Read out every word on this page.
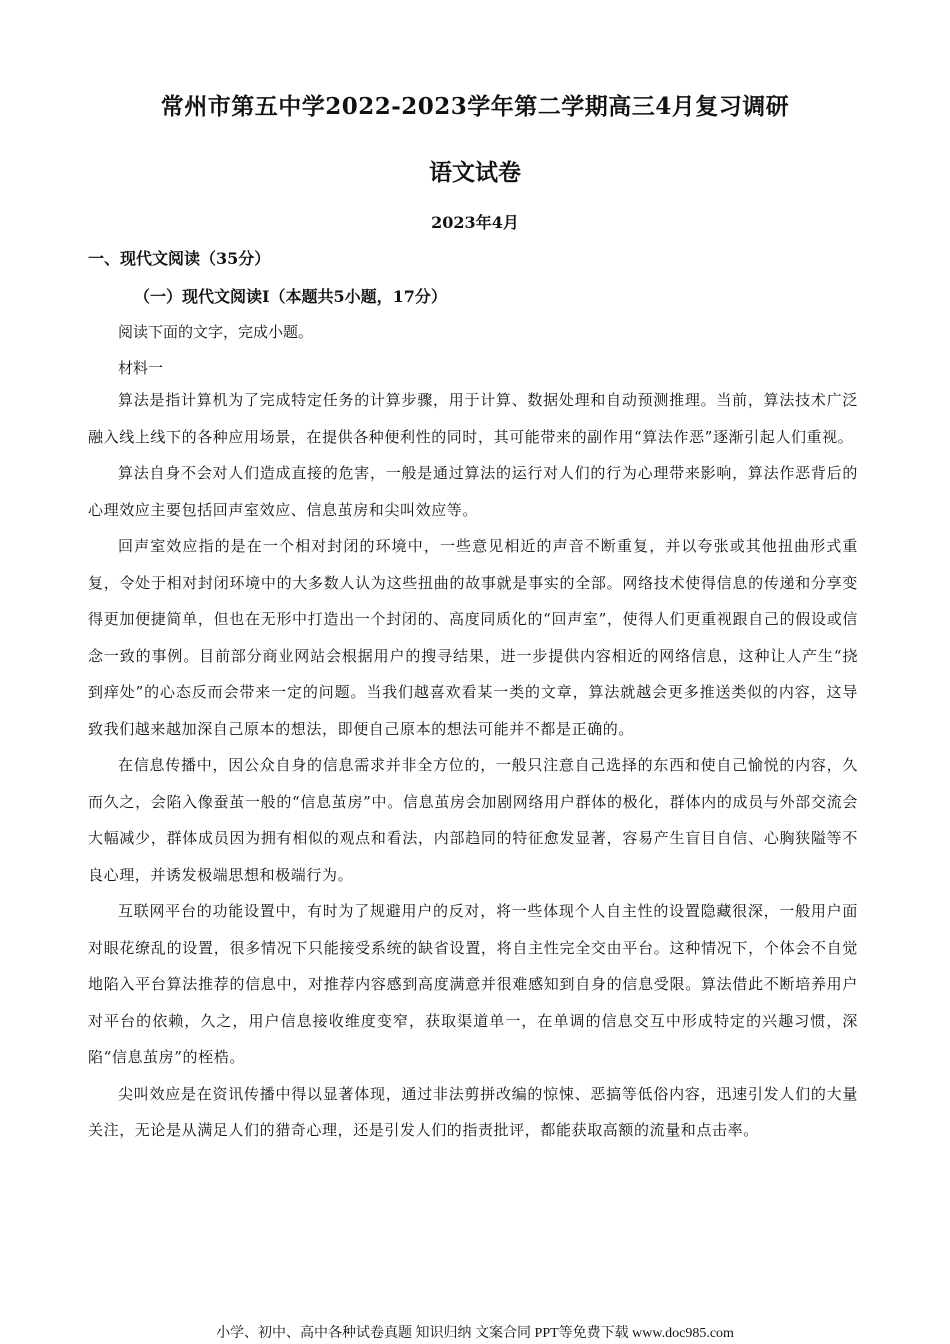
常州市第五中学2022-2023学年第二学期高三4月复习调研
语文试卷
2023年4月
一、现代文阅读（35分）
（一）现代文阅读Ⅰ（本题共5小题，17分）
阅读下面的文字，完成小题。
材料一

算法是指计算机为了完成特定任务的计算步骤，用于计算、数据处理和自动预测推理。当前，算法技术广泛融入线上线下的各种应用场景，在提供各种便利性的同时，其可能带来的副作用“算法作恶”逐渐引起人们重视。

算法自身不会对人们造成直接的危害，一般是通过算法的运行对人们的行为心理带来影响，算法作恶背后的心理效应主要包括回声室效应、信息茧房和尖叫效应等。

回声室效应指的是在一个相对封闭的环境中，一些意见相近的声音不断重复，并以夸张或其他扭曲形式重复，令处于相对封闭环境中的大多数人认为这些扭曲的故事就是事实的全部。网络技术使得信息的传递和分享变得更加便捷简单，但也在无形中打造出一个封闭的、高度同质化的“回声室”，使得人们更重视跟自己的假设或信念一致的事例。目前部分商业网站会根据用户的搜寻结果，进一步提供内容相近的网络信息，这种让人产生“挠到痒处”的心态反而会带来一定的问题。当我们越喜欢看某一类的文章，算法就越会更多推送类似的内容，这导致我们越来越加深自己原本的想法，即便自己原本的想法可能并不都是正确的。

在信息传播中，因公众自身的信息需求并非全方位的，一般只注意自己选择的东西和使自己愉悦的内容，久而久之，会陷入像蚕茧一般的“信息茧房”中。信息茧房会加剧网络用户群体的极化，群体内的成员与外部交流会大幅减少，群体成员因为拥有相似的观点和看法，内部趋同的特征愈发显著，容易产生盲目自信、心胸狭隘等不良心理，并诱发极端思想和极端行为。

互联网平台的功能设置中，有时为了规避用户的反对，将一些体现个人自主性的设置隐藏很深，一般用户面对眼花缭乱的设置，很多情况下只能接受系统的缺省设置，将自主性完全交由平台。这种情况下，个体会不自觉地陷入平台算法推荐的信息中，对推荐内容感到高度满意并很难感知到自身的信息受限。算法借此不断培养用户对平台的依赖，久之，用户信息接收维度变窄，获取渠道单一，在单调的信息交互中形成特定的兴趣习惯，深陷“信息茧房”的桎梏。

尖叫效应是在资讯传播中得以显著体现，通过非法剪拼改编的惊悚、恶搞等低俗内容，迅速引发人们的大量关注，无论是从满足人们的猎奇心理，还是引发人们的指责批评，都能获取高额的流量和点击率。

小学、初中、高中各种试卷真题 知识归纳 文案合同 PPT等免费下载 www.doc985.com
